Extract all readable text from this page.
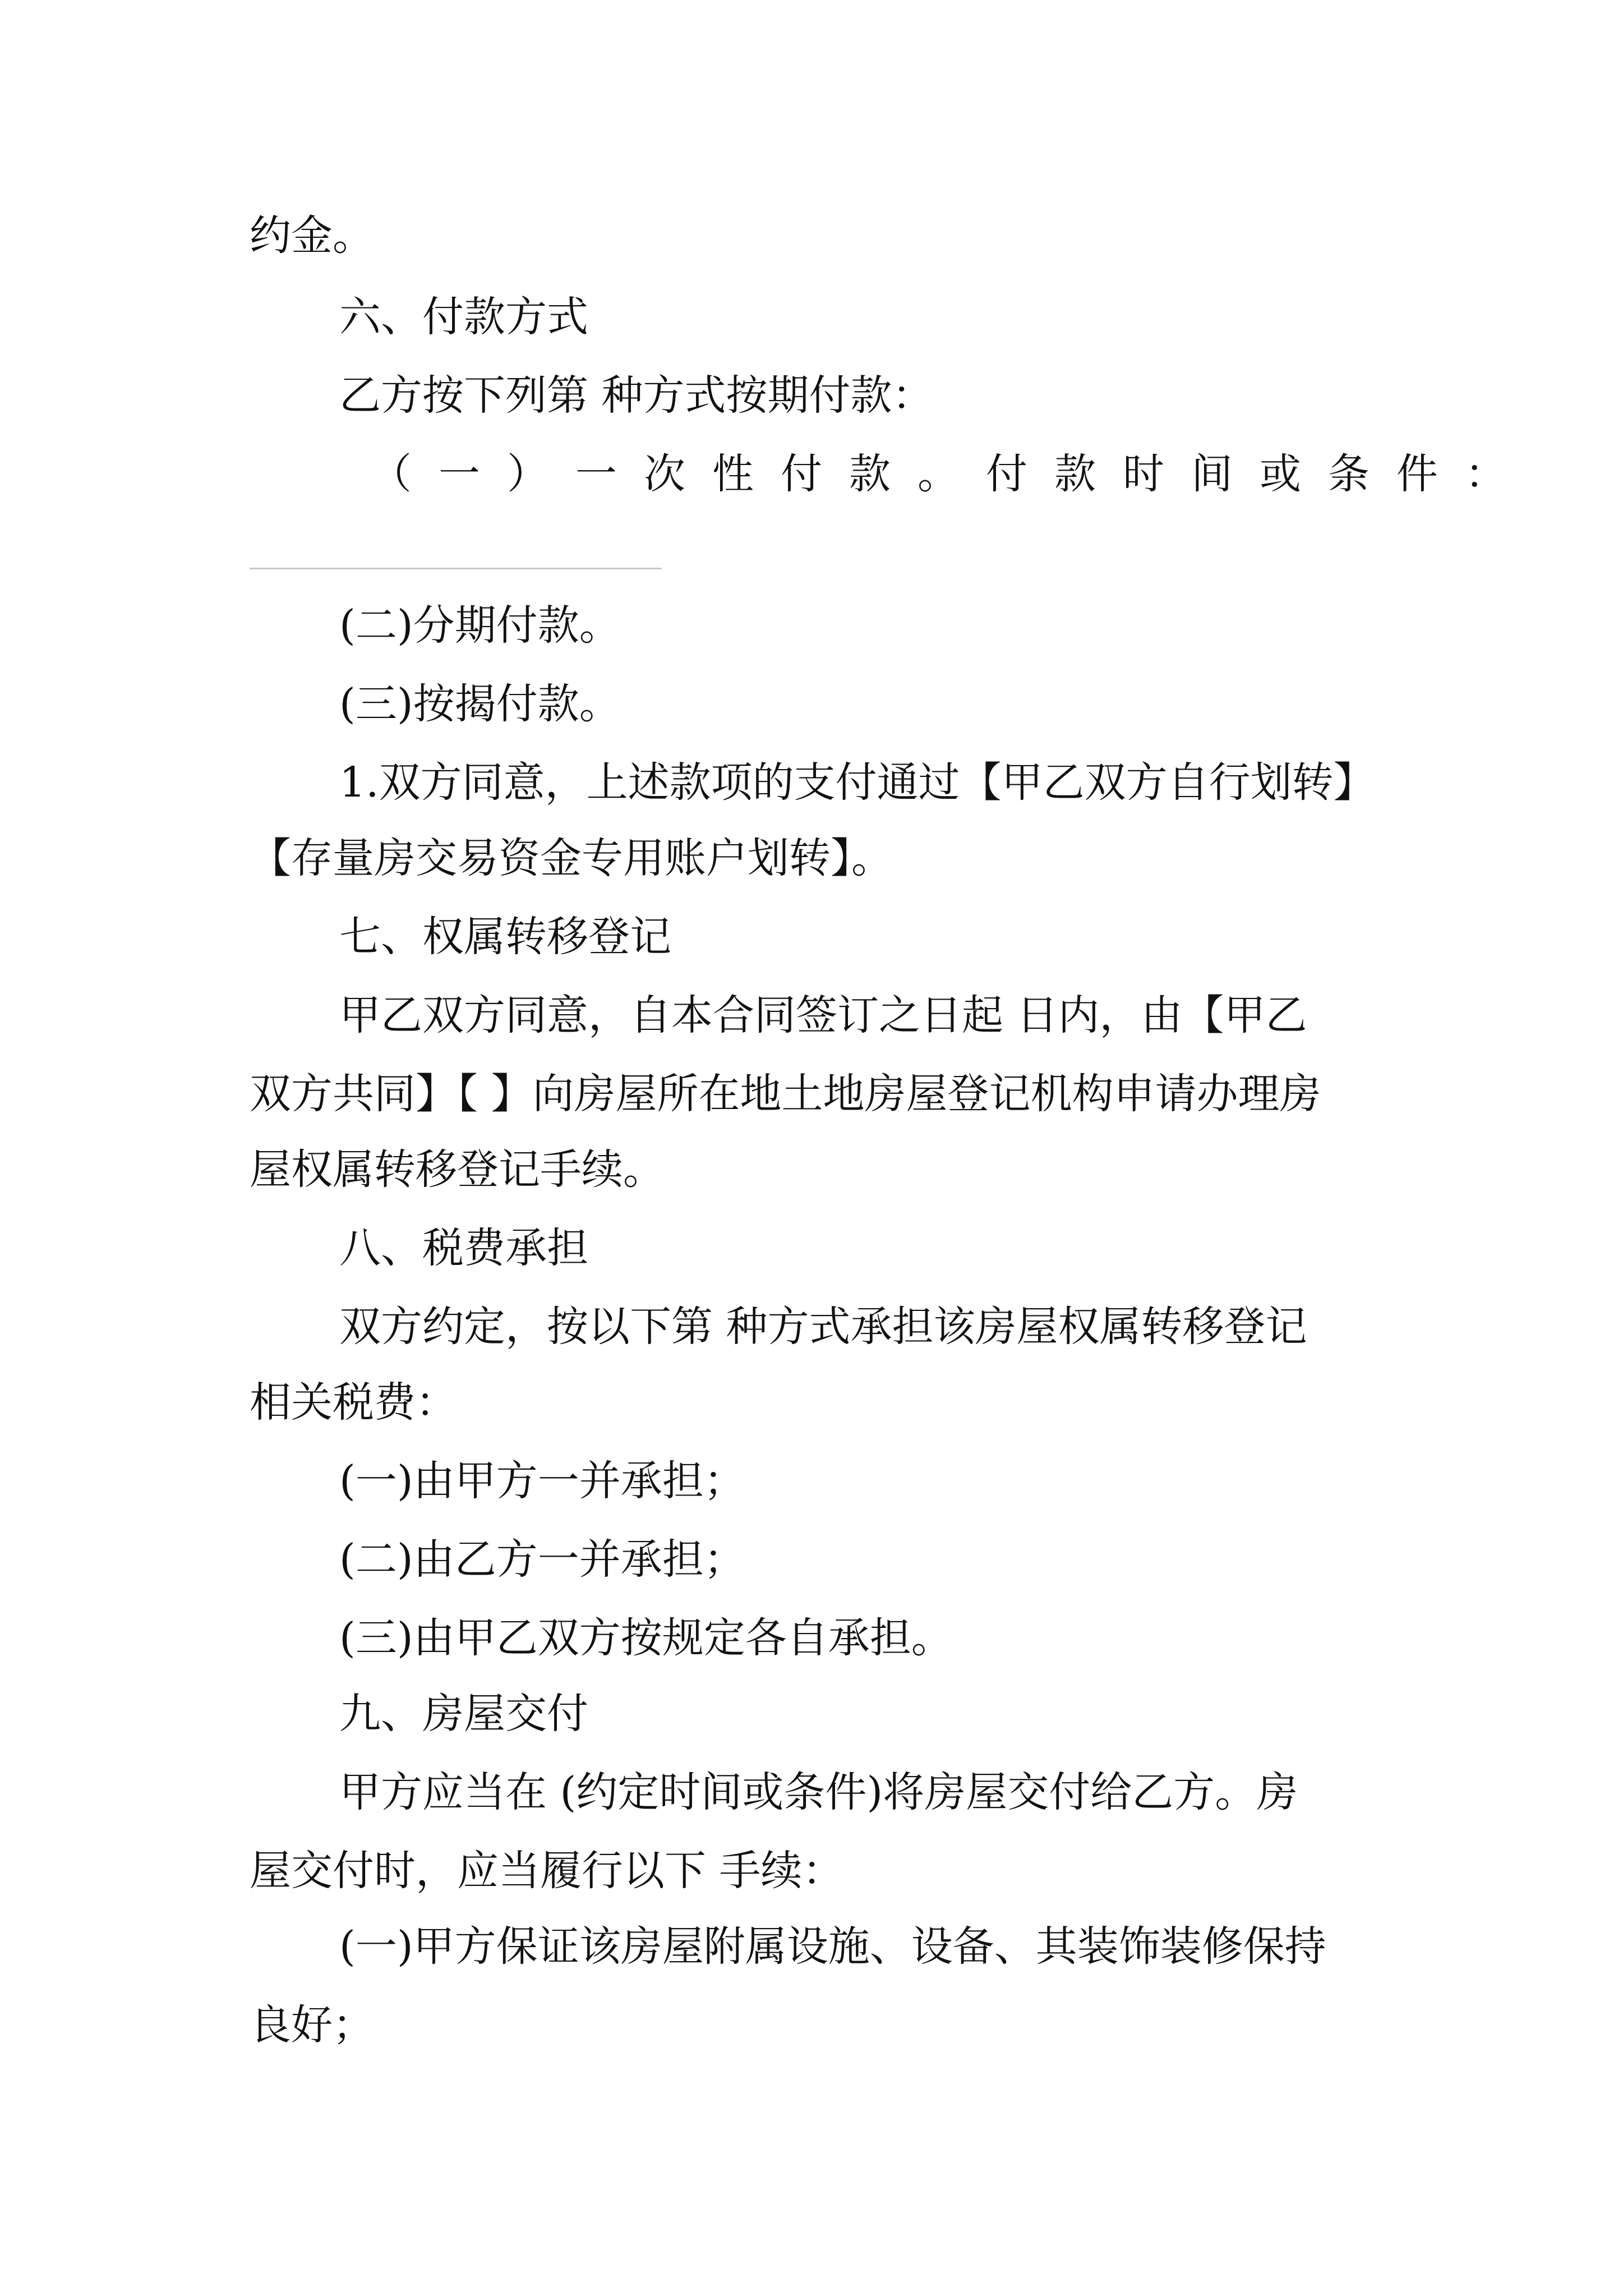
约金。
六、付款方式
乙方按下列第 种方式按期付款：
（一）一次性付款。付款时间或条件：
(二)分期付款。
(三)按揭付款。
1.双方同意，上述款项的支付通过【甲乙双方自行划转】
【存量房交易资金专用账户划转】。
七、权属转移登记
甲乙双方同意，自本合同签订之日起 日内，由【甲乙
双方共同】【 】向房屋所在地土地房屋登记机构申请办理房
屋权属转移登记手续。
八、税费承担
双方约定，按以下第 种方式承担该房屋权属转移登记
相关税费：
(一)由甲方一并承担；
(二)由乙方一并承担；
(三)由甲乙双方按规定各自承担。
九、房屋交付
甲方应当在 (约定时间或条件)将房屋交付给乙方。房
屋交付时，应当履行以下 手续：
(一)甲方保证该房屋附属设施、设备、其装饰装修保持
良好；
